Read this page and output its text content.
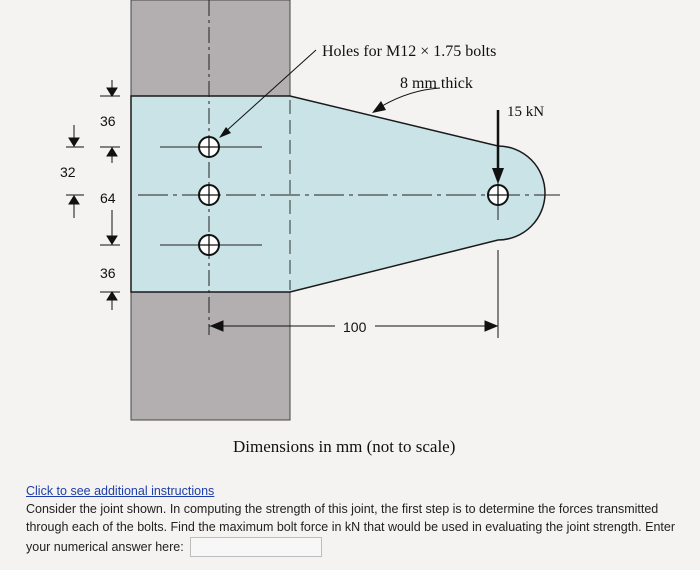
Holes for M12 × 1.75 bolts
8 mm thick
15 kN
36
32
64
36
100
Dimensions in mm (not to scale)
Click to see additional instructions
Consider the joint shown. In computing the strength of this joint, the first step is to determine the forces transmitted
through each of the bolts. Find the maximum bolt force in kN that would be used in evaluating the joint strength. Enter
your numerical answer here:
